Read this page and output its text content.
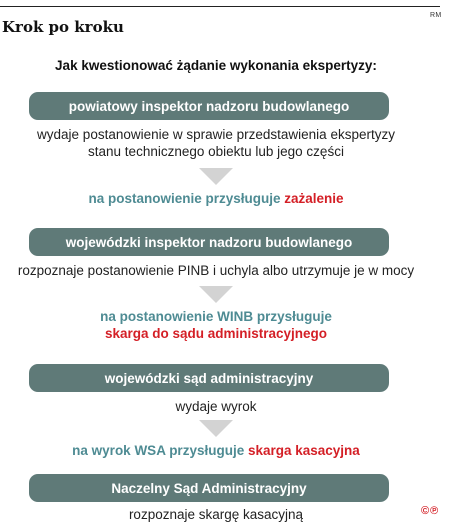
RM
Krok po kroku
Jak kwestionować żądanie wykonania ekspertyzy:
powiatowy inspektor nadzoru budowlanego
wydaje postanowienie w sprawie przedstawienia ekspertyzy
stanu technicznego obiektu lub jego części
na postanowienie przysługuje zażalenie
wojewódzki inspektor nadzoru budowlanego
rozpoznaje postanowienie PINB i uchyla albo utrzymuje je w mocy
na postanowienie WINB przysługuje
skarga do sądu administracyjnego
wojewódzki sąd administracyjny
wydaje wyrok
na wyrok WSA przysługuje skarga kasacyjna
Naczelny Sąd Administracyjny
rozpoznaje skargę kasacyjną	©℗
